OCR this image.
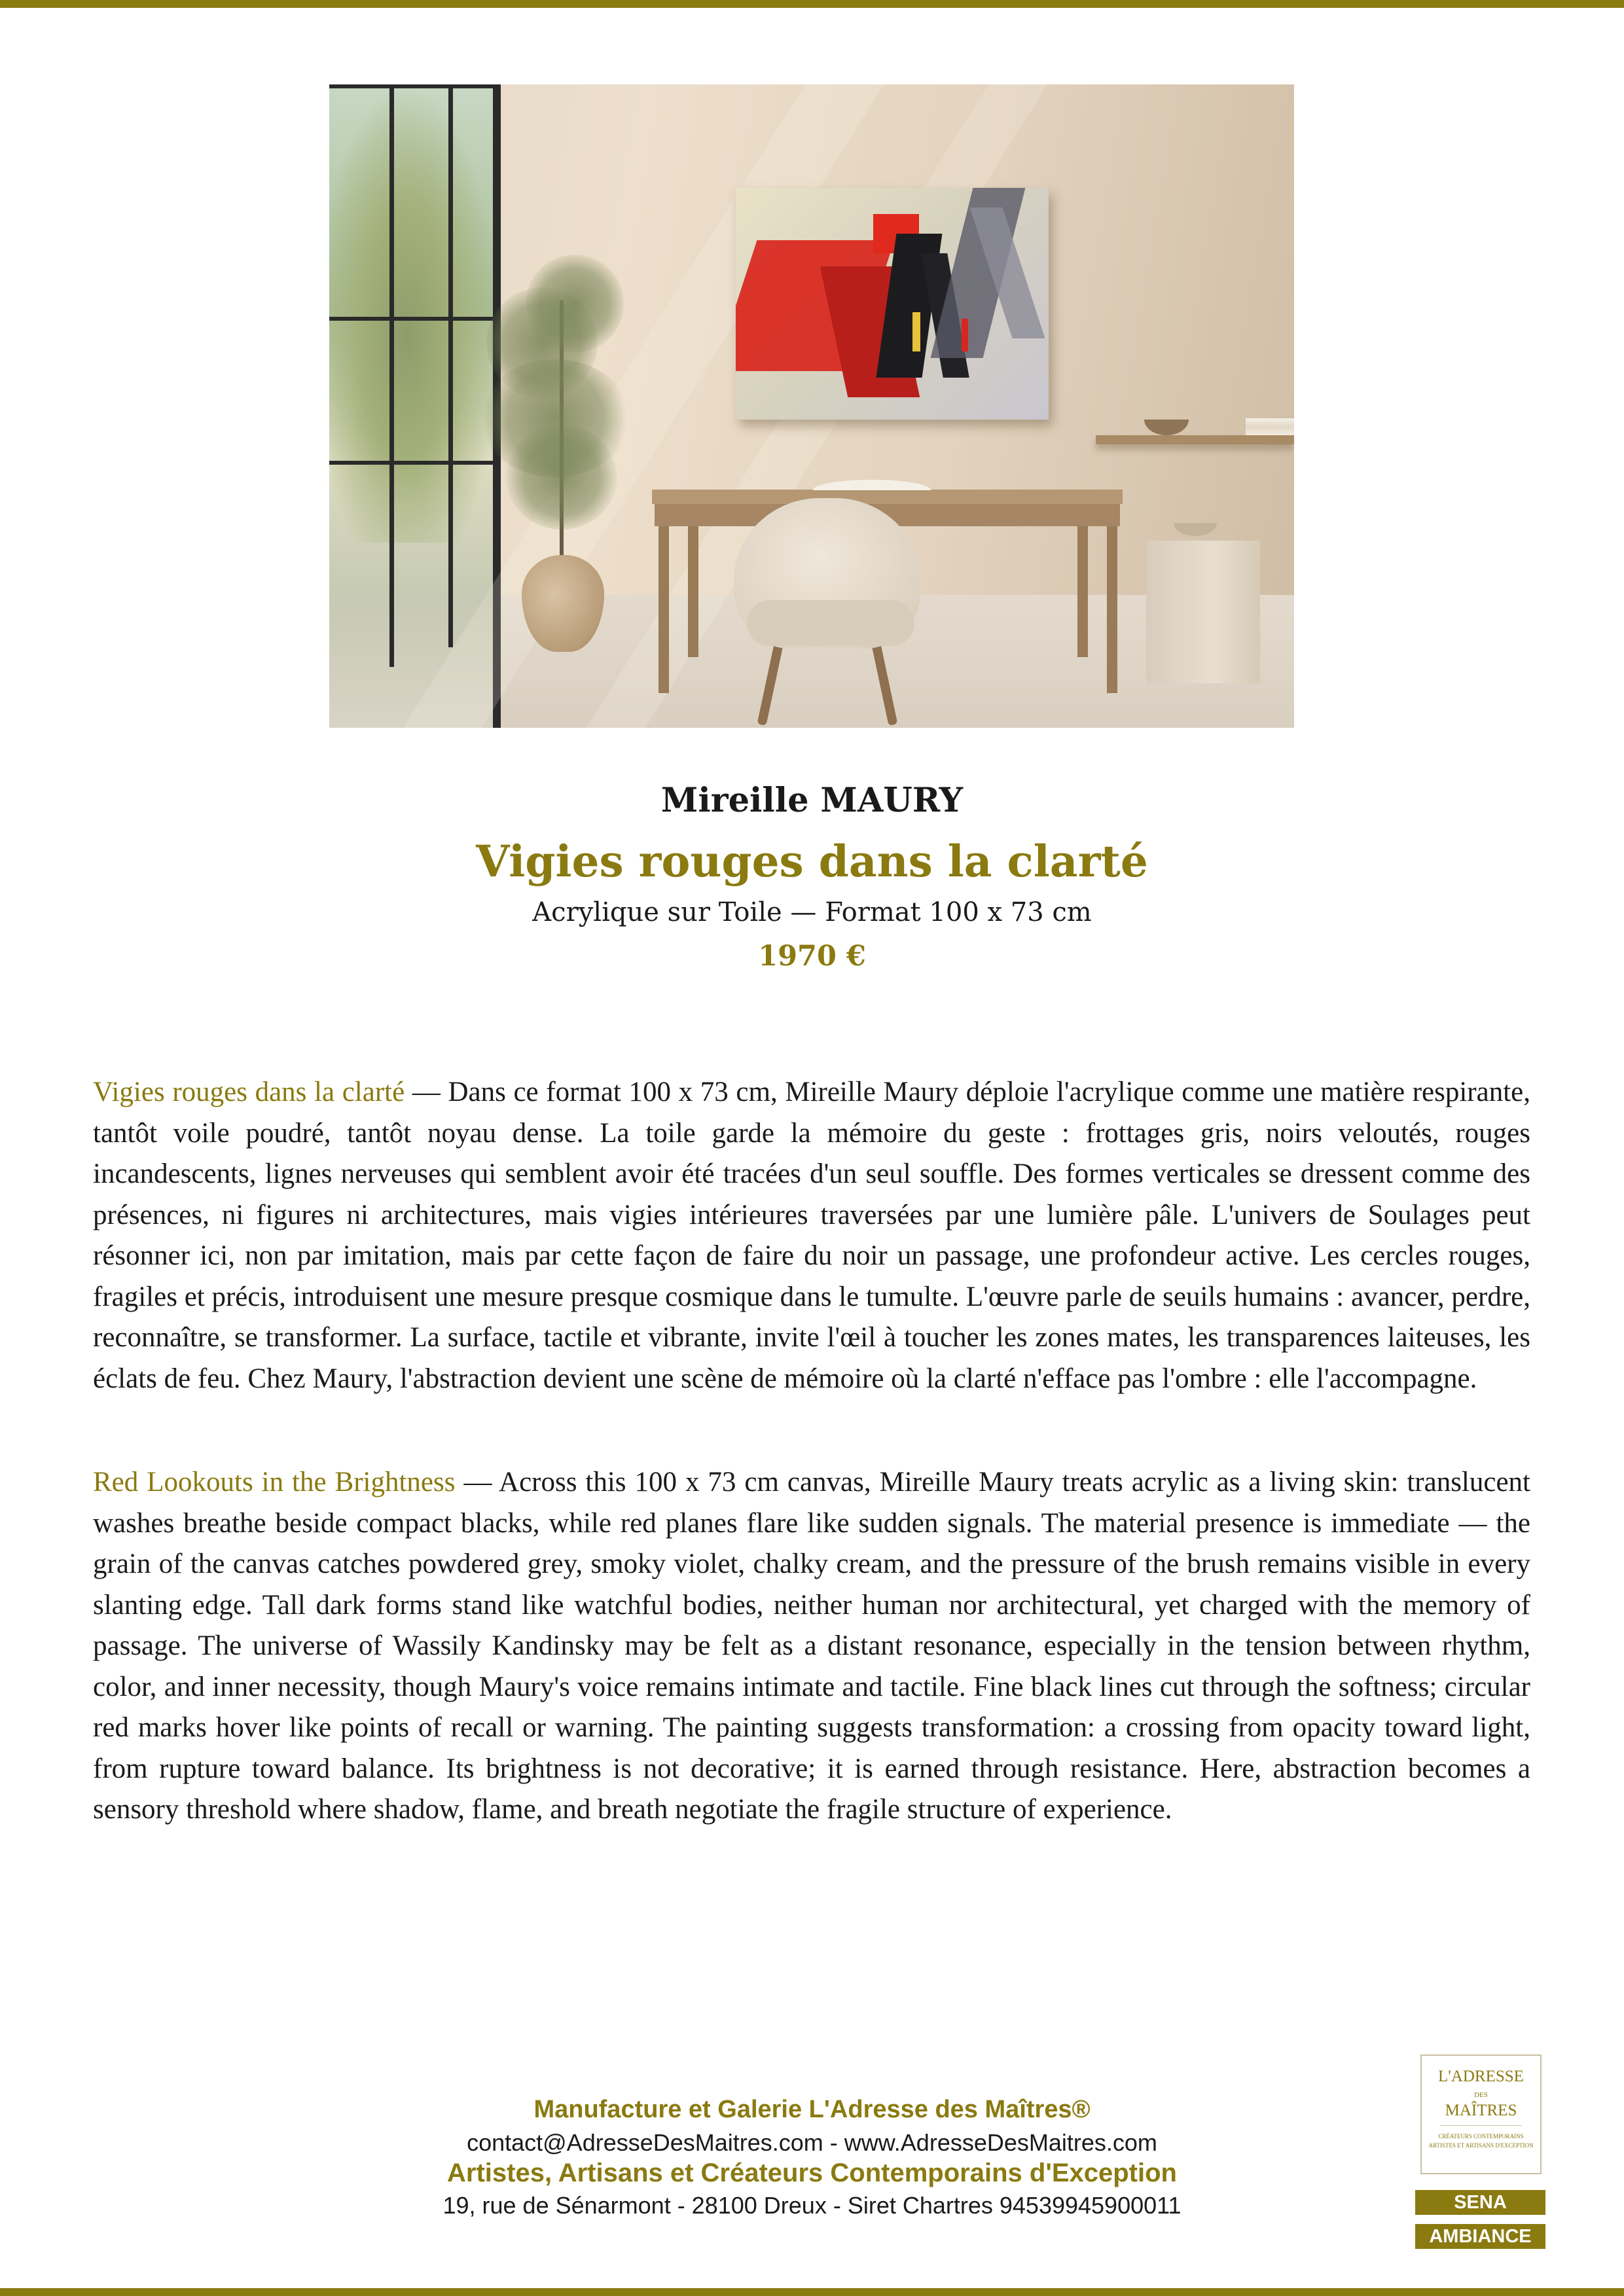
Mireille MAURY
Vigies rouges dans la clarté
Acrylique sur Toile — Format 100 x 73 cm
1970 €

Vigies rouges dans la clarté — Dans ce format 100 x 73 cm, Mireille Maury déploie l'acrylique comme une matière respirante, tantôt voile poudré, tantôt noyau dense. La toile garde la mémoire du geste : frottages gris, noirs veloutés, rouges incandescents, lignes nerveuses qui semblent avoir été tracées d'un seul souffle. Des formes verticales se dressent comme des présences, ni figures ni architectures, mais vigies intérieures traversées par une lumière pâle. L'univers de Soulages peut résonner ici, non par imitation, mais par cette façon de faire du noir un passage, une profondeur active. Les cercles rouges, fragiles et précis, introduisent une mesure presque cosmique dans le tumulte. L'œuvre parle de seuils humains : avancer, perdre, reconnaître, se transformer. La surface, tactile et vibrante, invite l'œil à toucher les zones mates, les transparences laiteuses, les éclats de feu. Chez Maury, l'abstraction devient une scène de mémoire où la clarté n'efface pas l'ombre : elle l'accompagne.

Red Lookouts in the Brightness — Across this 100 x 73 cm canvas, Mireille Maury treats acrylic as a living skin: translucent washes breathe beside compact blacks, while red planes flare like sudden signals. The material presence is immediate — the grain of the canvas catches powdered grey, smoky violet, chalky cream, and the pressure of the brush remains visible in every slanting edge. Tall dark forms stand like watchful bodies, neither human nor architectural, yet charged with the memory of passage. The universe of Wassily Kandinsky may be felt as a distant resonance, especially in the tension between rhythm, color, and inner necessity, though Maury's voice remains intimate and tactile. Fine black lines cut through the softness; circular red marks hover like points of recall or warning. The painting suggests transformation: a crossing from opacity toward light, from rupture toward balance. Its brightness is not decorative; it is earned through resistance. Here, abstraction becomes a sensory threshold where shadow, flame, and breath negotiate the fragile structure of experience.

Manufacture et Galerie L'Adresse des Maîtres®
contact@AdresseDesMaitres.com - www.AdresseDesMaitres.com
Artistes, Artisans et Créateurs Contemporains d'Exception
19, rue de Sénarmont - 28100 Dreux - Siret Chartres 94539945900011
L'ADRESSE
DES
MAÎTRES
CRÉATEURS CONTEMPORAINS ARTISTES ET ARTISANS D'EXCEPTION
SENA
AMBIANCE
